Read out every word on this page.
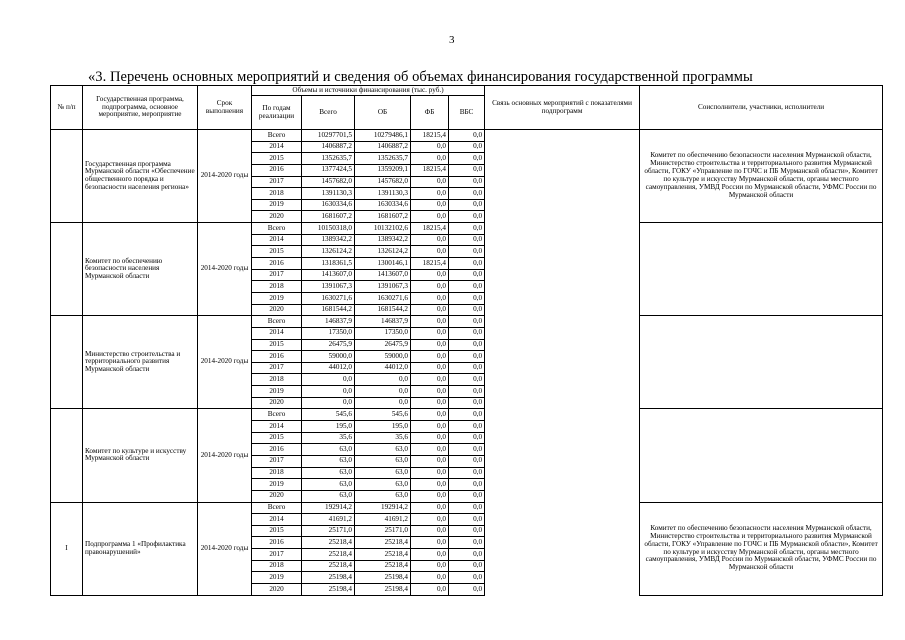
3
«3. Перечень основных мероприятий и сведения об объемах финансирования государственной программы
№ п/п	Государственная программа, подпрограмма, основное мероприятие, мероприятие	Срок выполнения	Объемы и источники финансирования (тыс. руб.)					Связь основных мероприятий с показателями подпрограмм	Соисполнители, участники, исполнители
			По годам реализации	Всего	ОБ	ФБ	ВБС		
	Государственная программа Мурманской области «Обеспечение общественного порядка и безопасности населения региона»	2014-2020 годы	Всего	10297701,5	10279486,1	18215,4	0,0		Комитет по обеспечению безопасности населения Мурманской области, Министерство строительства и территориального развития Мурманской области, ГОКУ «Управление по ГОЧС и ПБ Мурманской области», Комитет по культуре и искусству Мурманской области, органы местного самоуправления, УМВД России по Мурманской области, УФМС России по Мурманской области
			2014	1406887,2	1406887,2	0,0	0,0		
			2015	1352635,7	1352635,7	0,0	0,0		
			2016	1377424,5	1359209,1	18215,4	0,0		
			2017	1457682,0	1457682,0	0,0	0,0		
			2018	1391130,3	1391130,3	0,0	0,0		
			2019	1630334,6	1630334,6	0,0	0,0		
			2020	1681607,2	1681607,2	0,0	0,0		
	Комитет по обеспечению безопасности населения Мурманской области	2014-2020 годы	Всего	10150318,0	10132102,6	18215,4	0,0		
			2014	1389342,2	1389342,2	0,0	0,0		
			2015	1326124,2	1326124,2	0,0	0,0		
			2016	1318361,5	1300146,1	18215,4	0,0		
			2017	1413607,0	1413607,0	0,0	0,0		
			2018	1391067,3	1391067,3	0,0	0,0		
			2019	1630271,6	1630271,6	0,0	0,0		
			2020	1681544,2	1681544,2	0,0	0,0		
	Министерство строительства и территориального развития Мурманской области	2014-2020 годы	Всего	146837,9	146837,9	0,0	0,0		
			2014	17350,0	17350,0	0,0	0,0		
			2015	26475,9	26475,9	0,0	0,0		
			2016	59000,0	59000,0	0,0	0,0		
			2017	44012,0	44012,0	0,0	0,0		
			2018	0,0	0,0	0,0	0,0		
			2019	0,0	0,0	0,0	0,0		
			2020	0,0	0,0	0,0	0,0		
	Комитет по культуре и искусству Мурманской области	2014-2020 годы	Всего	545,6	545,6	0,0	0,0		
			2014	195,0	195,0	0,0	0,0		
			2015	35,6	35,6	0,0	0,0		
			2016	63,0	63,0	0,0	0,0		
			2017	63,0	63,0	0,0	0,0		
			2018	63,0	63,0	0,0	0,0		
			2019	63,0	63,0	0,0	0,0		
			2020	63,0	63,0	0,0	0,0		
I	Подпрограмма 1 «Профилактика правонарушений»	2014-2020 годы	Всего	192914,2	192914,2	0,0	0,0		Комитет по обеспечению безопасности населения Мурманской области, Министерство строительства и территориального развития Мурманской области, ГОКУ «Управление по ГОЧС и ПБ Мурманской области», Комитет по культуре и искусству Мурманской области, органы местного самоуправления, УМВД России по Мурманской области, УФМС России по Мурманской области
			2014	41691,2	41691,2	0,0	0,0		
			2015	25171,0	25171,0	0,0	0,0		
			2016	25218,4	25218,4	0,0	0,0		
			2017	25218,4	25218,4	0,0	0,0		
			2018	25218,4	25218,4	0,0	0,0		
			2019	25198,4	25198,4	0,0	0,0		
			2020	25198,4	25198,4	0,0	0,0		
